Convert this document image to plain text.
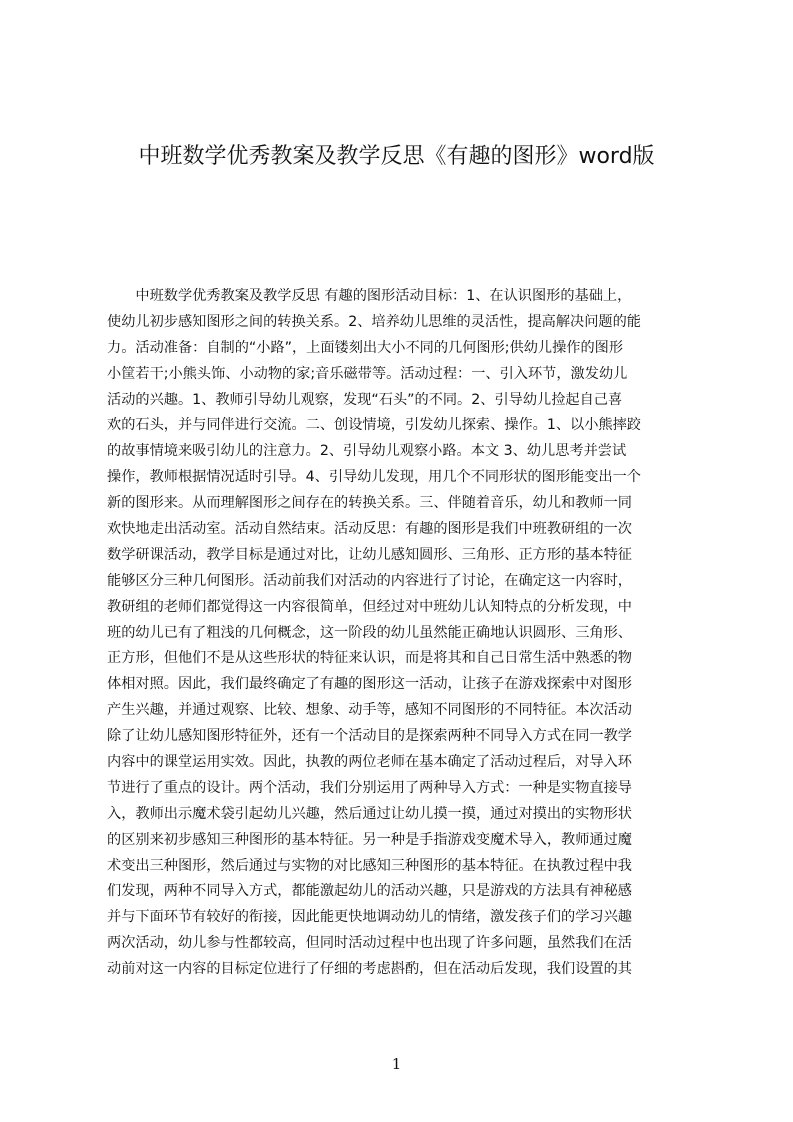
中班数学优秀教案及教学反思《有趣的图形》word版
　　中班数学优秀教案及教学反思 有趣的图形活动目标：1、在认识图形的基础上，
使幼儿初步感知图形之间的转换关系。2、培养幼儿思维的灵活性，提高解决问题的能
力。活动准备：自制的“小路”，上面镂刻出大小不同的几何图形;供幼儿操作的图形
小筐若干;小熊头饰、小动物的家;音乐磁带等。活动过程：一、引入环节，激发幼儿
活动的兴趣。1、教师引导幼儿观察，发现“石头”的不同。2、引导幼儿捡起自己喜
欢的石头，并与同伴进行交流。二、创设情境，引发幼儿探索、操作。1、以小熊摔跤
的故事情境来吸引幼儿的注意力。2、引导幼儿观察小路。本文 3、幼儿思考并尝试
操作，教师根据情况适时引导。4、引导幼儿发现，用几个不同形状的图形能变出一个
新的图形来。从而理解图形之间存在的转换关系。三、伴随着音乐，幼儿和教师一同
欢快地走出活动室。活动自然结束。活动反思：有趣的图形是我们中班教研组的一次
数学研课活动，教学目标是通过对比，让幼儿感知圆形、三角形、正方形的基本特征
能够区分三种几何图形。活动前我们对活动的内容进行了讨论，在确定这一内容时，
教研组的老师们都觉得这一内容很简单，但经过对中班幼儿认知特点的分析发现，中
班的幼儿已有了粗浅的几何概念，这一阶段的幼儿虽然能正确地认识圆形、三角形、
正方形，但他们不是从这些形状的特征来认识，而是将其和自己日常生活中熟悉的物
体相对照。因此，我们最终确定了有趣的图形这一活动，让孩子在游戏探索中对图形
产生兴趣，并通过观察、比较、想象、动手等，感知不同图形的不同特征。本次活动
除了让幼儿感知图形特征外，还有一个活动目的是探索两种不同导入方式在同一教学
内容中的课堂运用实效。因此，执教的两位老师在基本确定了活动过程后，对导入环
节进行了重点的设计。两个活动，我们分别运用了两种导入方式：一种是实物直接导
入，教师出示魔术袋引起幼儿兴趣，然后通过让幼儿摸一摸，通过对摸出的实物形状
的区别来初步感知三种图形的基本特征。另一种是手指游戏变魔术导入，教师通过魔
术变出三种图形，然后通过与实物的对比感知三种图形的基本特征。在执教过程中我
们发现，两种不同导入方式，都能激起幼儿的活动兴趣，只是游戏的方法具有神秘感
并与下面环节有较好的衔接，因此能更快地调动幼儿的情绪，激发孩子们的学习兴趣
两次活动，幼儿参与性都较高，但同时活动过程中也出现了许多问题，虽然我们在活
动前对这一内容的目标定位进行了仔细的考虑斟酌，但在活动后发现，我们设置的其
1
